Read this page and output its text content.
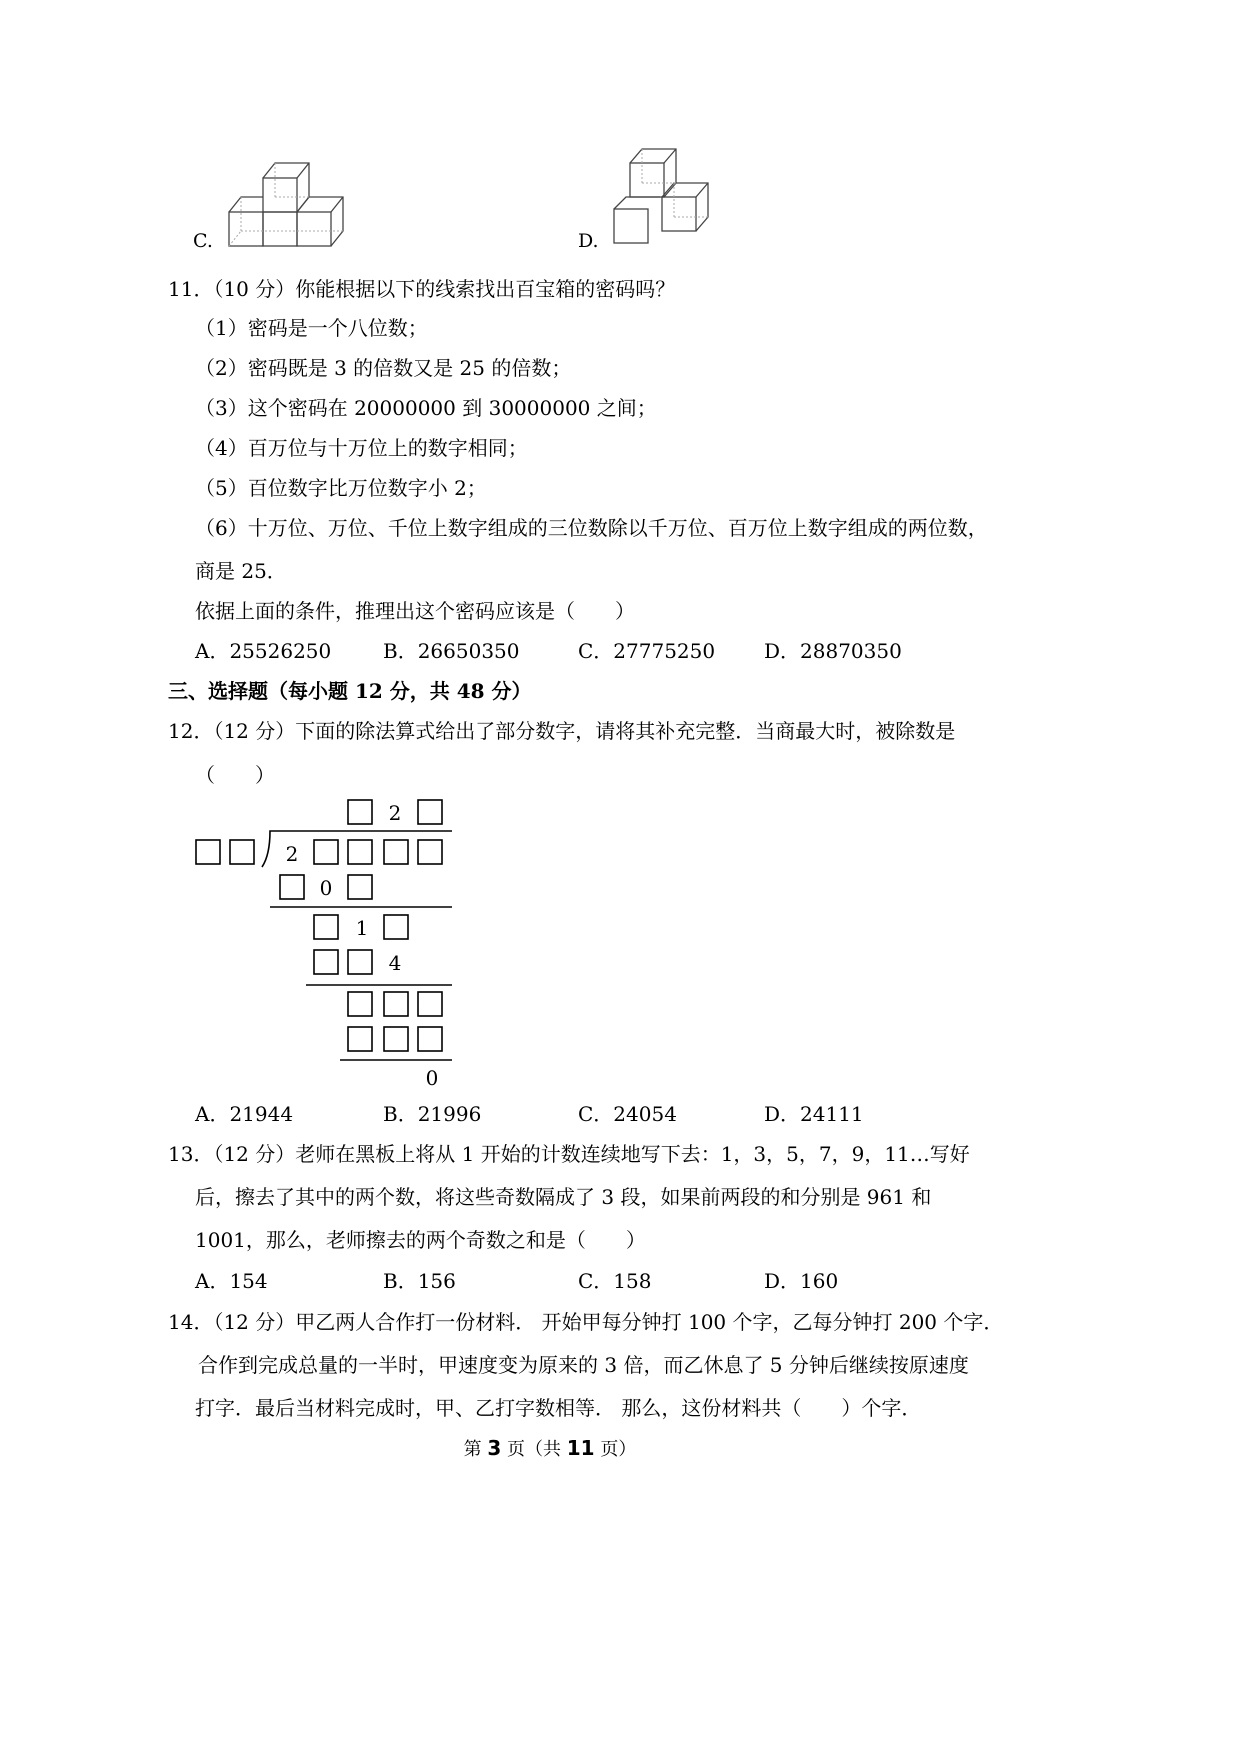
C.	D.
11．（10 分）你能根据以下的线索找出百宝箱的密码吗？
（1）密码是一个八位数；
（2）密码既是 3 的倍数又是 25 的倍数；
（3）这个密码在 20000000 到 30000000 之间；
（4）百万位与十万位上的数字相同；
（5）百位数字比万位数字小 2；
（6）十万位、万位、千位上数字组成的三位数除以千万位、百万位上数字组成的两位数，
商是 25．
依据上面的条件，推理出这个密码应该是（　　）
A．25526250	B．26650350	C．27775250 D．28870350
三、选择题（每小题 12 分，共 48 分）
12．（12 分）下面的除法算式给出了部分数字，请将其补充完整．当商最大时，被除数是
（　　）
2
2
0
1
4
0
A．21944	B．21996	C．24054	D．24111
13．（12 分）老师在黑板上将从 1 开始的计数连续地写下去：1，3，5，7，9，11…写好
后，擦去了其中的两个数，将这些奇数隔成了 3 段，如果前两段的和分别是 961 和
1001，那么，老师擦去的两个奇数之和是（　　）
A．154	B．156	C．158	D．160
14．（12 分）甲乙两人合作打一份材料． 开始甲每分钟打 100 个字，乙每分钟打 200 个字．
合作到完成总量的一半时，甲速度变为原来的 3 倍，而乙休息了 5 分钟后继续按原速度
打字．最后当材料完成时，甲、乙打字数相等． 那么，这份材料共（　　）个字．
第 3 页（共 11 页）
